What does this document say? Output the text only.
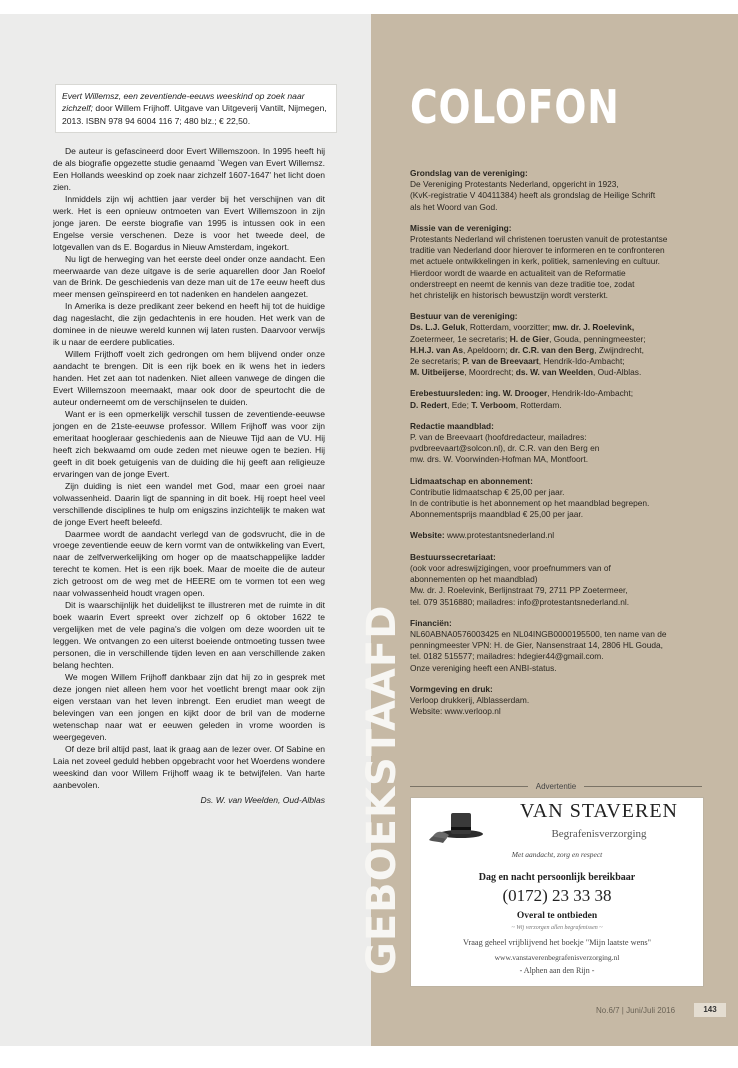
Evert Willemsz, een zeventiende-eeuws weeskind op zoek naar zichzelf; door Willem Frijhoff. Uitgave van Uitgeverij Vantilt, Nijmegen, 2013. ISBN 978 94 6004 116 7; 480 blz.; € 22,50.

De auteur is gefascineerd door Evert Willemszoon. In 1995 heeft hij de als biografie opgezette studie genaamd `Wegen van Evert Willemsz. Een Hollands weeskind op zoek naar zichzelf 1607-1647' het licht doen zien.

Inmiddels zijn wij achttien jaar verder bij het verschijnen van dit werk. Het is een opnieuw ontmoeten van Evert Willemszoon in zijn jonge jaren. De eerste biografie van 1995 is intussen ook in een Engelse versie verschenen. Deze is voor het tweede deel, de lotgevallen van ds E. Bogardus in Nieuw Amsterdam, ingekort.

Nu ligt de herweging van het eerste deel onder onze aandacht. Een meerwaarde van deze uitgave is de serie aquarellen door Jan Roelof van de Brink. De geschiedenis van deze man uit de 17e eeuw heeft dus meer mensen geïnspireerd en tot nadenken en handelen aangezet.

In Amerika is deze predikant zeer bekend en heeft hij tot de huidige dag nageslacht, die zijn gedachtenis in ere houden. Het werk van de dominee in de nieuwe wereld kunnen wij laten rusten. Daarvoor verwijs ik u naar de eerdere publicaties.

Willem Frijthoff voelt zich gedrongen om hem blijvend onder onze aandacht te brengen. Dit is een rijk boek en ik wens het in ieders handen. Het zet aan tot nadenken. Niet alleen vanwege de dingen die Evert Willemszoon meemaakt, maar ook door de speurtocht die de auteur onderneemt om de verschijnselen te duiden.

Want er is een opmerkelijk verschil tussen de zeventiende-eeuwse jongen en de 21ste-eeuwse professor. Willem Frijhoff was voor zijn emeritaat hoogleraar geschiedenis aan de Nieuwe Tijd aan de VU. Hij heeft zich bekwaamd om oude zeden met nieuwe ogen te bezien. Hij geeft in dit boek getuigenis van de duiding die hij geeft aan religieuze ervaringen van de jonge Evert.

Zijn duiding is niet een wandel met God, maar een groei naar volwassenheid. Daarin ligt de spanning in dit boek. Hij roept heel veel verschillende disciplines te hulp om enigszins inzichtelijk te maken wat de jonge Evert heeft beleefd.

Daarmee wordt de aandacht verlegd van de godsvrucht, die in de vroege zeventiende eeuw de kern vormt van de ontwikkeling van Evert, naar de zelfverwerkelijking om hoger op de maatschappelijke ladder terecht te komen. Het is een rijk boek. Maar de moeite die de auteur zich getroost om de weg met de HEERE om te vormen tot een weg naar volwassenheid houdt vragen open.

Dit is waarschijnlijk het duidelijkst te illustreren met de ruimte in dit boek waarin Evert spreekt over zichzelf op 6 oktober 1622 te vergelijken met de vele pagina's die volgen om deze woorden uit te leggen. We ontvangen zo een uiterst boeiende ontmoeting tussen twee personen, die in verschillende tijden leven en aan verschillende zaken belang hechten.

We mogen Willem Frijhoff dankbaar zijn dat hij zo in gesprek met deze jongen niet alleen hem voor het voetlicht brengt maar ook zijn eigen verstaan van het leven inbrengt. Een erudiet man weegt de belevingen van een jongen en kijkt door de bril van de moderne wetenschap naar wat er eeuwen geleden in vrome woorden is weergegeven.

Of deze bril altijd past, laat ik graag aan de lezer over. Of Sabine en Laia net zoveel geduld hebben opgebracht voor het Woerdens wondere weeskind dan voor Willem Frijhoff waag ik te betwijfelen. Van harte aanbevolen.

Ds. W. van Weelden, Oud-Alblas GEBOEKSTAAFD
COLOFON
Grondslag van de vereniging:
De Vereniging Protestants Nederland, opgericht in 1923,
(KvK-registratie V 40411384) heeft als grondslag de Heilige Schrift
als het Woord van God.
Missie van de vereniging:
Protestants Nederland wil christenen toerusten vanuit de protestantse
traditie van Nederland door hierover te informeren en te confronteren
met actuele ontwikkelingen in kerk, politiek, samenleving en cultuur.
Hierdoor wordt de waarde en actualiteit van de Reformatie
onderstreept en neemt de kennis van deze traditie toe, zodat
het christelijk en historisch bewustzijn wordt versterkt.
Bestuur van de vereniging:
Ds. L.J. Geluk, Rotterdam, voorzitter; mw. dr. J. Roelevink,
Zoetermeer, 1e secretaris; H. de Gier, Gouda, penningmeester;
H.H.J. van As, Apeldoorn; dr. C.R. van den Berg, Zwijndrecht,
2e secretaris; P. van de Breevaart, Hendrik-Ido-Ambacht;
M. Uitbeijerse, Moordrecht; ds. W. van Weelden, Oud-Alblas.
Erebestuursleden: ing. W. Drooger, Hendrik-Ido-Ambacht;
D. Redert, Ede; T. Verboom, Rotterdam.
Redactie maandblad:
P. van de Breevaart (hoofdredacteur, mailadres:
pvdbreevaart@solcon.nl), dr. C.R. van den Berg en
mw. drs. W. Voorwinden-Hofman MA, Montfoort.
Lidmaatschap en abonnement:
Contributie lidmaatschap € 25,00 per jaar.
In de contributie is het abonnement op het maandblad begrepen.
Abonnementsprijs maandblad € 25,00 per jaar.
Website: www.protestantsnederland.nl
Bestuurssecretariaat:
(ook voor adreswijzigingen, voor proefnummers van of
abonnementen op het maandblad)
Mw. dr. J. Roelevink, Berlijnstraat 79, 2711 PP Zoetermeer,
tel. 079 3516880; mailadres: info@protestantsnederland.nl.
Financiën:
NL60ABNA0576003425 en NL04INGB0000195500, ten name van de
penningmeester VPN: H. de Gier, Nansenstraat 14, 2806 HL Gouda,
tel. 0182 515577; mailadres: hdegier44@gmail.com.
Onze vereniging heeft een ANBI-status.
Vormgeving en druk:
Verloop drukkerij, Alblasserdam.
Website: www.verloop.nl
Advertentie
VAN STAVEREN
Begrafenisverzorging
Met aandacht, zorg en respect
Dag en nacht persoonlijk bereikbaar
(0172) 23 33 38
Overal te ontbieden
~ Wij verzorgen allen begrafenissen ~
Vraag geheel vrijblijvend het boekje "Mijn laatste wens"
www.vanstaverenbegrafenisverzorging.nl
- Alphen aan den Rijn -
No.6/7 | Juni/Juli 2016	143
